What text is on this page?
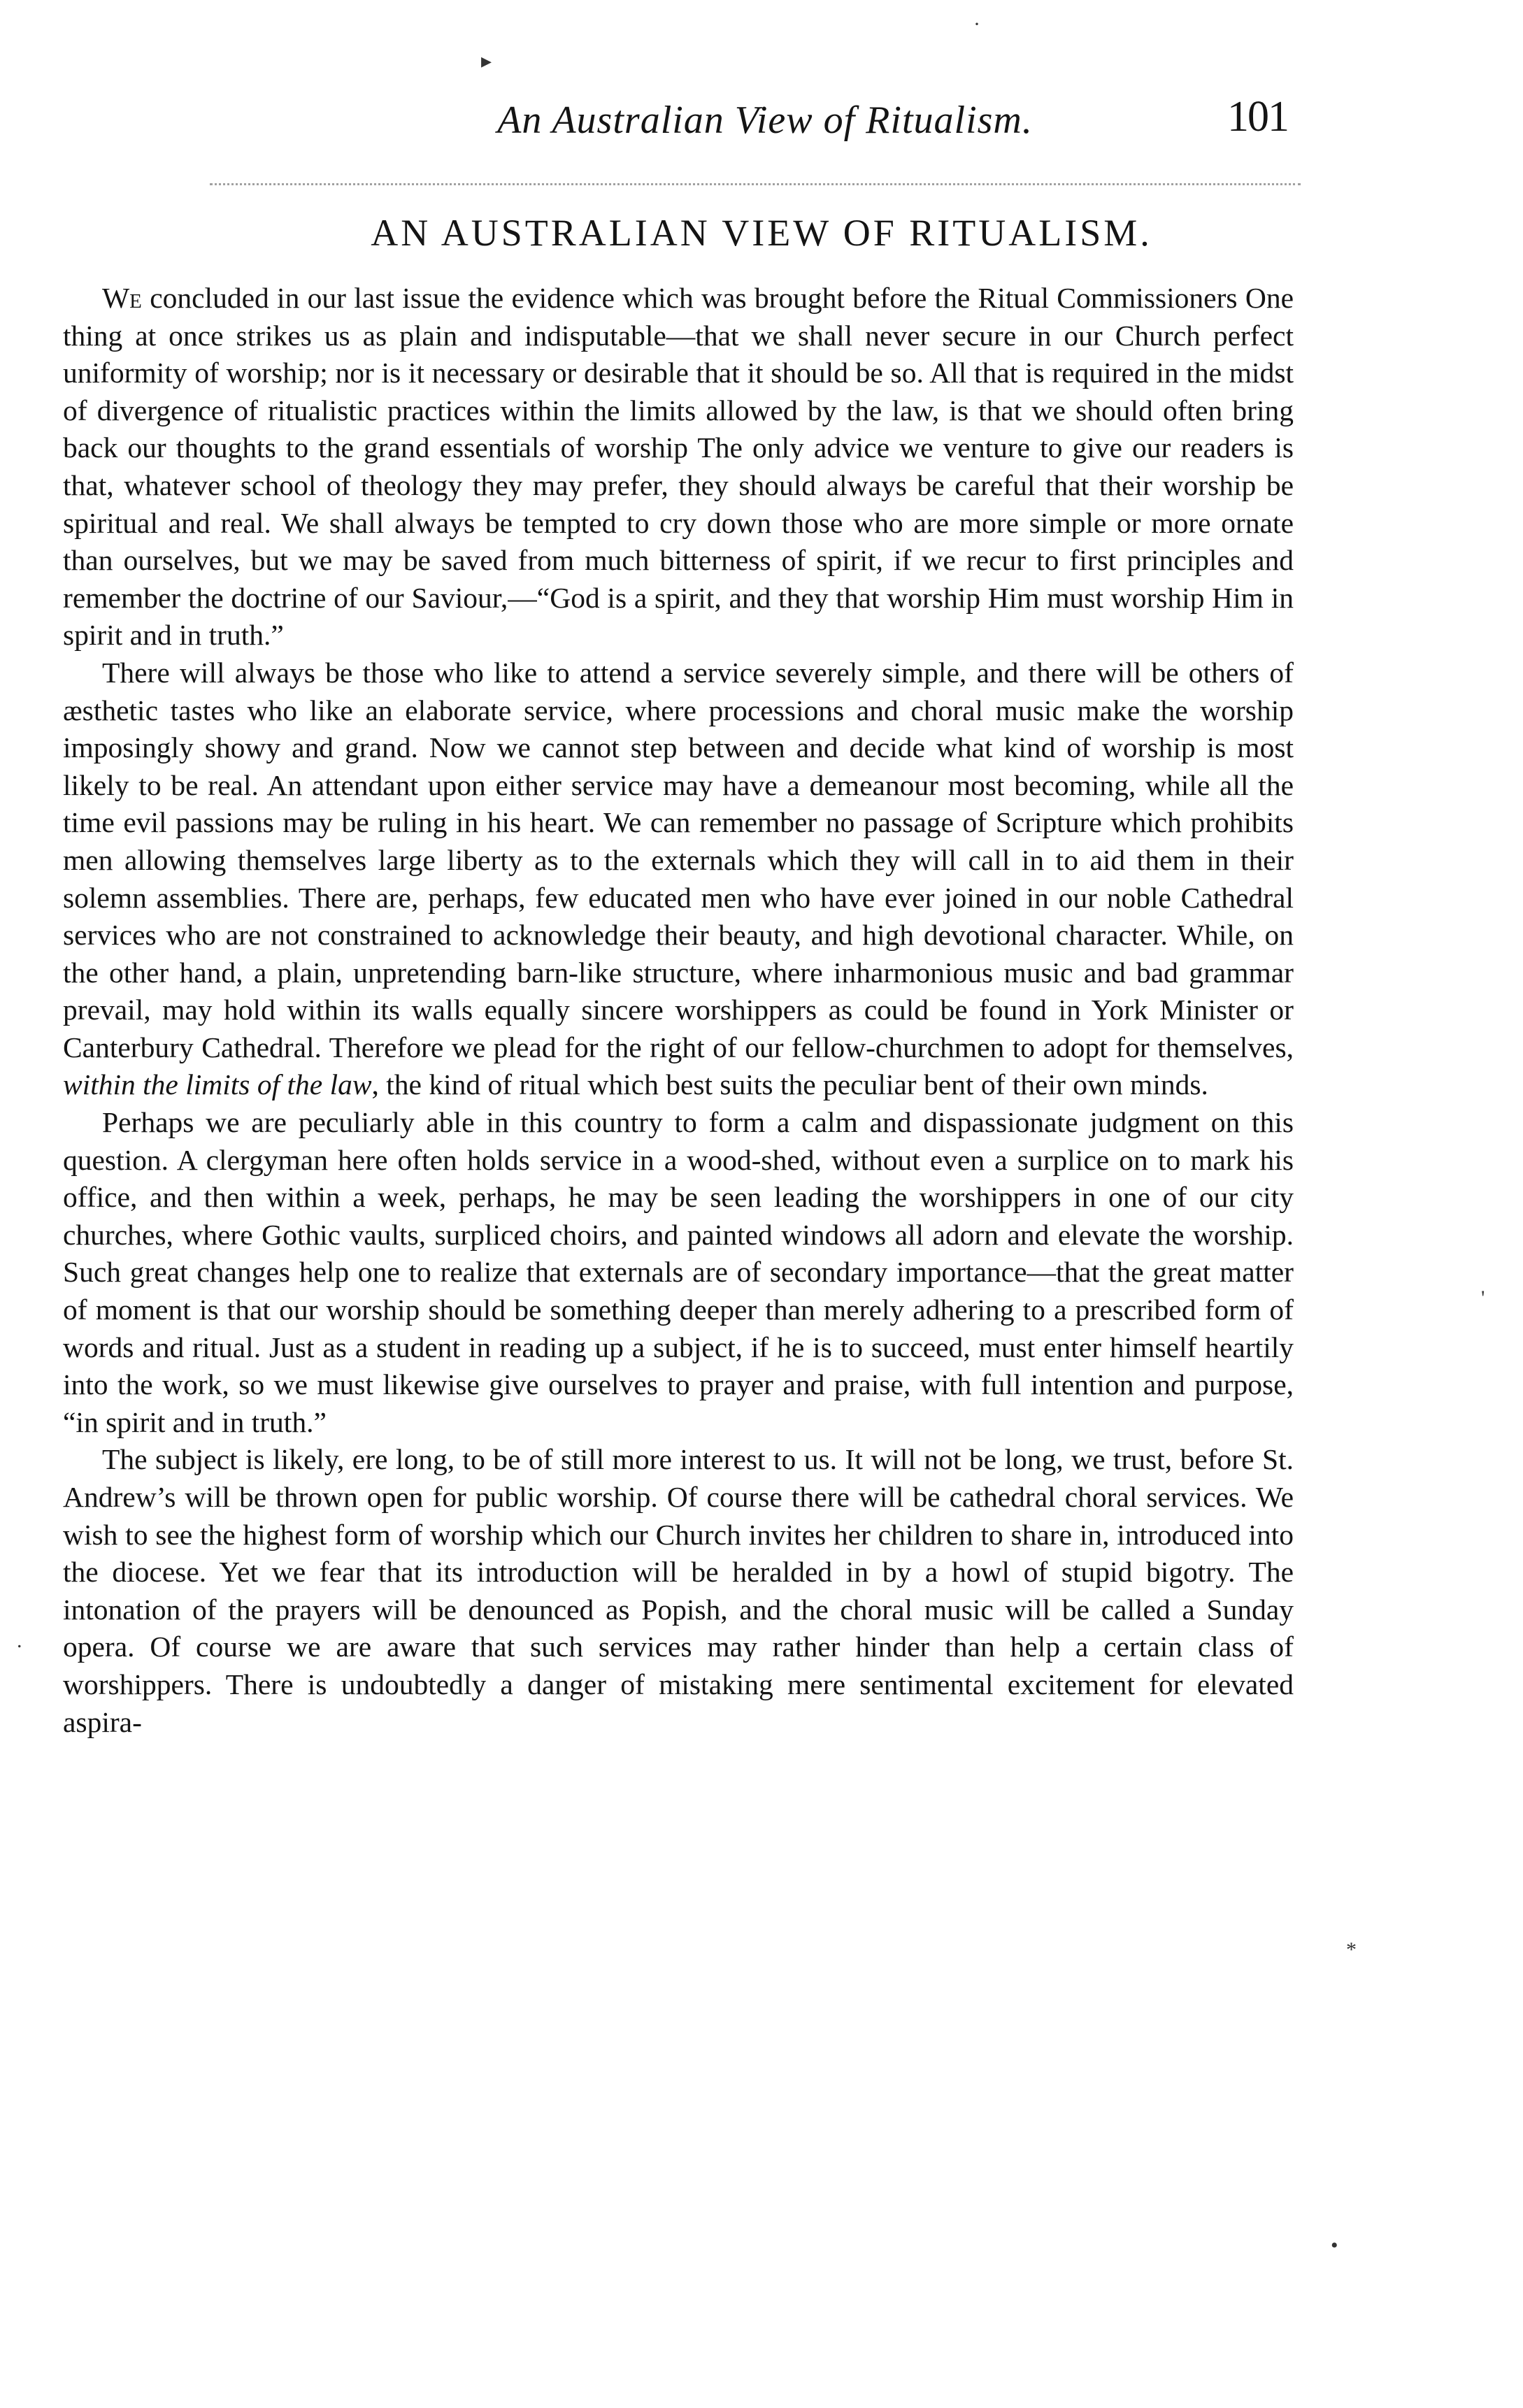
An Australian View of Ritualism.	101
AN AUSTRALIAN VIEW OF RITUALISM.

We concluded in our last issue the evidence which was brought before the Ritual Commissioners One thing at once strikes us as plain and indisputable—that we shall never secure in our Church perfect uniformity of worship; nor is it necessary or desirable that it should be so. All that is required in the midst of divergence of ritualistic practices within the limits allowed by the law, is that we should often bring back our thoughts to the grand essentials of worship The only advice we venture to give our readers is that, whatever school of theology they may prefer, they should always be careful that their worship be spiritual and real. We shall always be tempted to cry down those who are more simple or more ornate than ourselves, but we may be saved from much bitterness of spirit, if we recur to first principles and remember the doctrine of our Saviour,—“God is a spirit, and they that worship Him must worship Him in spirit and in truth.”

There will always be those who like to attend a service severely simple, and there will be others of æsthetic tastes who like an elaborate service, where processions and choral music make the worship imposingly showy and grand. Now we cannot step between and decide what kind of worship is most likely to be real. An attendant upon either service may have a demeanour most becoming, while all the time evil passions may be ruling in his heart. We can remember no passage of Scripture which prohibits men allowing themselves large liberty as to the externals which they will call in to aid them in their solemn assemblies. There are, perhaps, few educated men who have ever joined in our noble Cathedral services who are not constrained to acknowledge their beauty, and high devotional character. While, on the other hand, a plain, unpretending barn-like structure, where inharmonious music and bad grammar prevail, may hold within its walls equally sincere worshippers as could be found in York Minister or Canterbury Cathedral. Therefore we plead for the right of our fellow-churchmen to adopt for themselves, within the limits of the law, the kind of ritual which best suits the peculiar bent of their own minds.

Perhaps we are peculiarly able in this country to form a calm and dispassionate judgment on this question. A clergyman here often holds service in a wood-shed, without even a surplice on to mark his office, and then within a week, perhaps, he may be seen leading the worshippers in one of our city churches, where Gothic vaults, surpliced choirs, and painted windows all adorn and elevate the worship. Such great changes help one to realize that externals are of secondary importance—that the great matter of moment is that our worship should be something deeper than merely adhering to a prescribed form of words and ritual. Just as a student in reading up a subject, if he is to succeed, must enter himself heartily into the work, so we must likewise give ourselves to prayer and praise, with full intention and purpose, “in spirit and in truth.”

The subject is likely, ere long, to be of still more interest to us. It will not be long, we trust, before St. Andrew’s will be thrown open for public worship. Of course there will be cathedral choral services. We wish to see the highest form of worship which our Church invites her children to share in, introduced into the diocese. Yet we fear that its introduction will be heralded in by a howl of stupid bigotry. The intonation of the prayers will be denounced as Popish, and the choral music will be called a Sunday opera. Of course we are aware that such services may rather hinder than help a certain class of worshippers. There is undoubtedly a danger of mistaking mere sentimental excitement for elevated aspira-

·
▸
'
.
*
•
